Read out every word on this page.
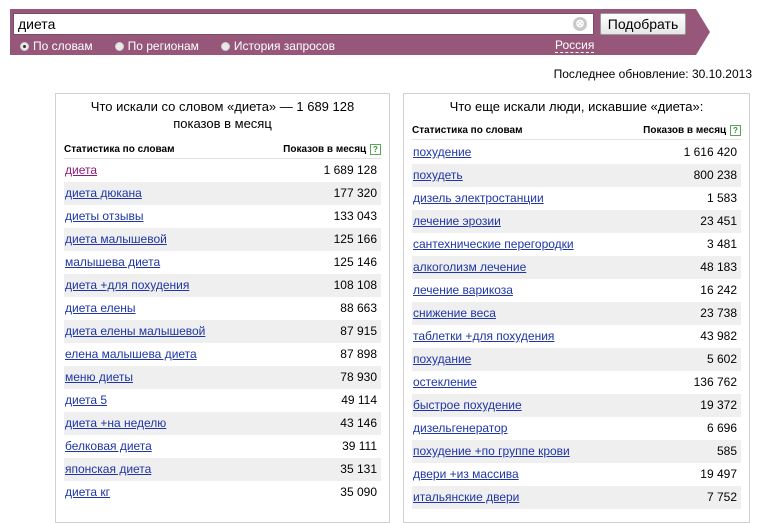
диета
⊗	Подобрать
По словам	По регионам	История запросов	Россия
Последнее обновление: 30.10.2013
Что искали со словом «диета» — 1 689 128
показов в месяц
Статистика по словам	Показов в месяц ?
диета	1 689 128
диета дюкана	177 320
диеты отзывы	133 043
диета малышевой	125 166
малышева диета	125 146
диета +для похудения	108 108
диета елены	88 663
диета елены малышевой	87 915
елена малышева диета	87 898
меню диеты	78 930
диета 5	49 114
диета +на неделю	43 146
белковая диета	39 111
японская диета	35 131
диета кг	35 090
Что еще искали люди, искавшие «диета»:
Статистика по словам	Показов в месяц ?
похудение	1 616 420
похудеть	800 238
дизель электростанции	1 583
лечение эрозии	23 451
сантехнические перегородки	3 481
алкоголизм лечение	48 183
лечение варикоза	16 242
снижение веса	23 738
таблетки +для похудения	43 982
похудание	5 602
остекление	136 762
быстрое похудение	19 372
дизельгенератор	6 696
похудение +по группе крови	585
двери +из массива	19 497
итальянские двери	7 752
